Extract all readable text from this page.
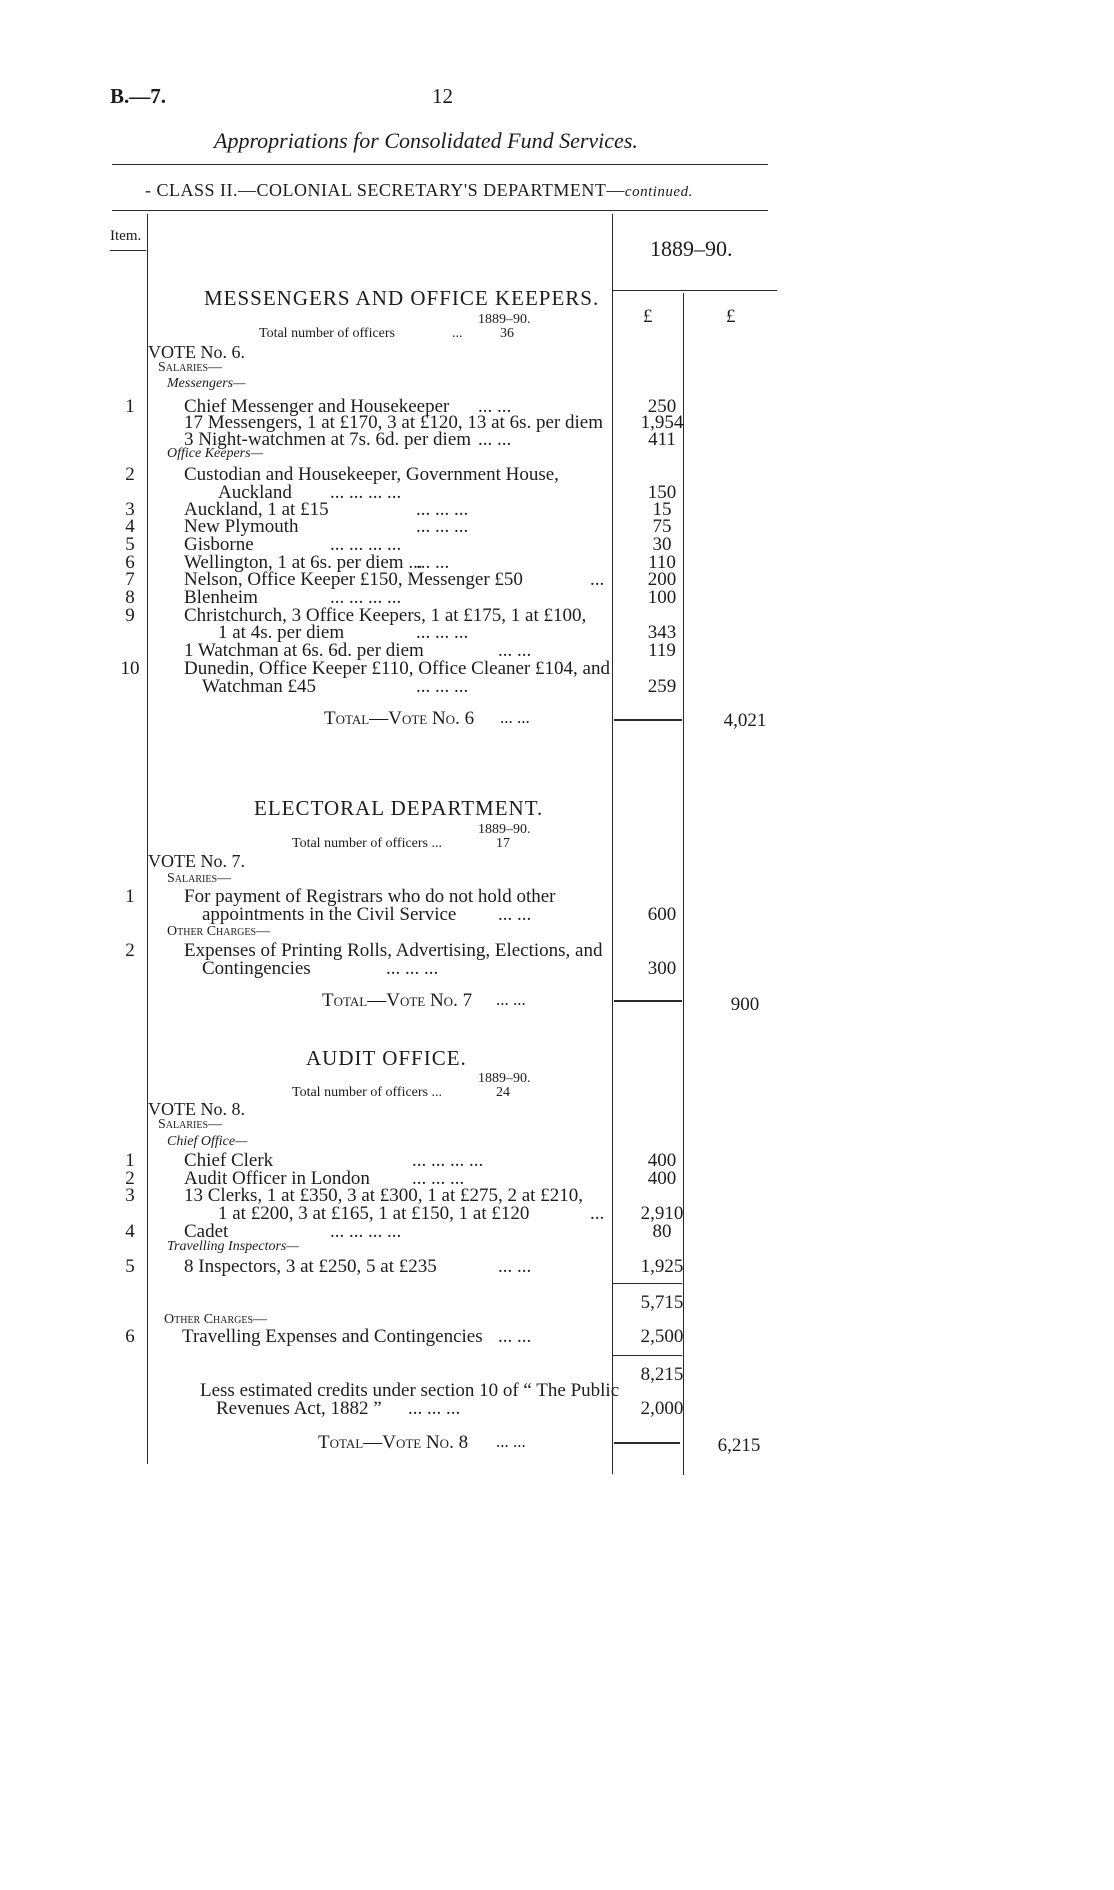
B.—7.	12
Appropriations for Consolidated Fund Services.
- CLASS II.—COLONIAL SECRETARY'S DEPARTMENT—continued.
Item.	1889–90.
£	£
MESSENGERS AND OFFICE KEEPERS.
1889–90.
Total number of officers	...	36
VOTE No. 6.
Salaries—
Messengers—
Office Keepers—
1	Chief Messenger and Housekeeper ... ...	250
17 Messengers, 1 at £170, 3 at £120, 13 at 6s. per diem	1,954
3 Night-watchmen at 7s. 6d. per diem ... ...	411
2	Custodian and Housekeeper, Government House,
Auckland ... ... ... ...	150
3	Auckland, 1 at £15	... ... ...	15
4	New Plymouth	... ... ...	75
5	Gisborne	... ... ... ...	30
6	Wellington, 1 at 6s. per diem ...
... ...	110
7	Nelson, Office Keeper £150, Messenger £50	...	200
8	Blenheim	... ... ... ...	100
9	Christchurch, 3 Office Keepers, 1 at £175, 1 at £100,
1 at 4s. per diem	... ... ...	343
1 Watchman at 6s. 6d. per diem	... ...	119
10	Dunedin, Office Keeper £110, Office Cleaner £104, and
Watchman £45	... ... ...	259
Total—Vote No. 6 ... ...	4,021
ELECTORAL DEPARTMENT.
1889–90.
Total number of officers ...	17
VOTE No. 7.
Salaries—
Other Charges—
1	For payment of Registrars who do not hold other
appointments in the Civil Service ... ...	600
2	Expenses of Printing Rolls, Advertising, Elections, and
Contingencies	... ... ...	300
Total—Vote No. 7 ... ...	900
AUDIT OFFICE.
1889–90.
Total number of officers ...	24
VOTE No. 8.
Salaries—
Chief Office—
Travelling Inspectors—
1	Chief Clerk	... ... ... ...	400
2	Audit Officer in London ... ... ...	400
3	13 Clerks, 1 at £350, 3 at £300, 1 at £275, 2 at £210,
1 at £200, 3 at £165, 1 at £150, 1 at £120	...	2,910
4	Cadet	... ... ... ...	80
5	8 Inspectors, 3 at £250, 5 at £235	... ...	1,925
5,715
Other Charges—
6	Travelling Expenses and Contingencies ... ...	2,500
8,215
Less estimated credits under section 10 of “ The Public
Revenues Act, 1882 ” ... ... ...	2,000
Total—Vote No. 8 ... ...	6,215
